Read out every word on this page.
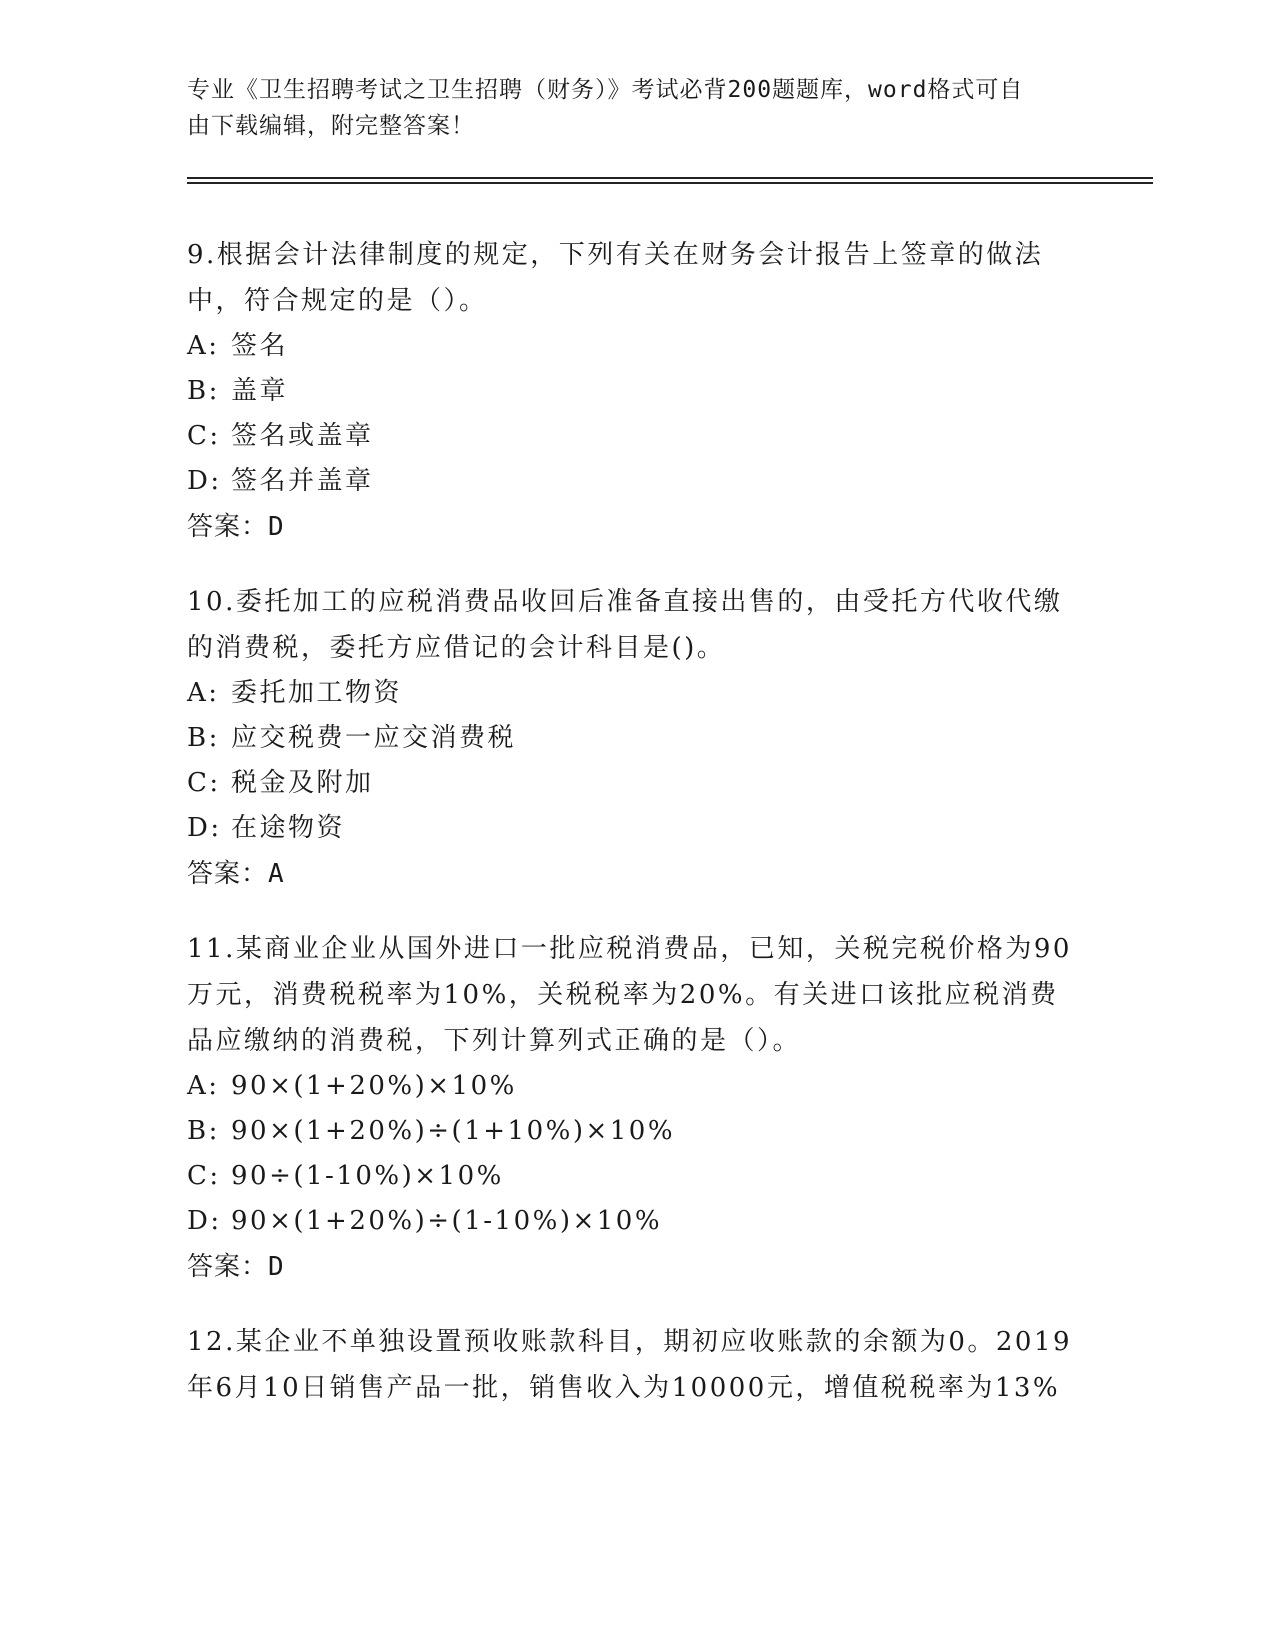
专业《卫生招聘考试之卫生招聘（财务）》考试必背200题题库，word格式可自
由下载编辑，附完整答案！

9.根据会计法律制度的规定，下列有关在财务会计报告上签章的做法

中，符合规定的是（）。

A: 签名

B: 盖章

C: 签名或盖章

D: 签名并盖章

答案：D

10.委托加工的应税消费品收回后准备直接出售的，由受托方代收代缴

的消费税，委托方应借记的会计科目是()。

A: 委托加工物资

B: 应交税费一应交消费税

C: 税金及附加

D: 在途物资

答案：A

11.某商业企业从国外进口一批应税消费品，已知，关税完税价格为90

万元，消费税税率为10%，关税税率为20%。有关进口该批应税消费

品应缴纳的消费税，下列计算列式正确的是（）。

A: 90×(1+20%)×10%

B: 90×(1+20%)÷(1+10%)×10%

C: 90÷(1-10%)×10%

D: 90×(1+20%)÷(1-10%)×10%

答案：D

12.某企业不单独设置预收账款科目，期初应收账款的余额为0。2019

年6月10日销售产品一批，销售收入为10000元，增值税税率为13%
